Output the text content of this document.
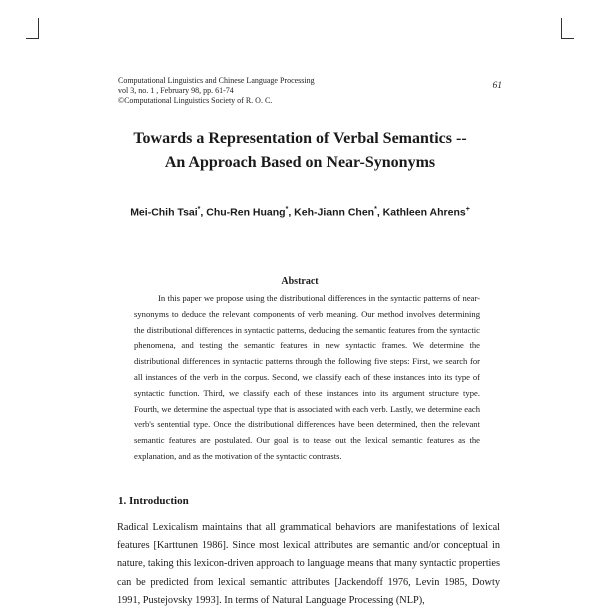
Computational Linguistics and Chinese Language Processing
vol 3, no. 1 , February 98, pp. 61-74
©Computational Linguistics Society of R. O. C.
61
Towards a Representation of Verbal Semantics --
An Approach Based on Near-Synonyms
Mei-Chih Tsai*, Chu-Ren Huang*, Keh-Jiann Chen*, Kathleen Ahrens+
Abstract

In this paper we propose using the distributional differences in the syntactic patterns of near-synonyms to deduce the relevant components of verb meaning. Our method involves determining the distributional differences in syntactic patterns, deducing the semantic features from the syntactic phenomena, and testing the semantic features in new syntactic frames. We determine the distributional differences in syntactic patterns through the following five steps: First, we search for all instances of the verb in the corpus. Second, we classify each of these instances into its type of syntactic function. Third, we classify each of these instances into its argument structure type. Fourth, we determine the aspectual type that is associated with each verb. Lastly, we determine each verb's sentential type. Once the distributional differences have been determined, then the relevant semantic features are postulated. Our goal is to tease out the lexical semantic features as the explanation, and as the motivation of the syntactic contrasts.

1. Introduction

Radical Lexicalism maintains that all grammatical behaviors are manifestations of lexical features [Karttunen 1986]. Since most lexical attributes are semantic and/or conceptual in nature, taking this lexicon-driven approach to language means that many syntactic properties can be predicted from lexical semantic attributes [Jackendoff 1976, Levin 1985, Dowty 1991, Pustejovsky 1993]. In terms of Natural Language Processing (NLP),
